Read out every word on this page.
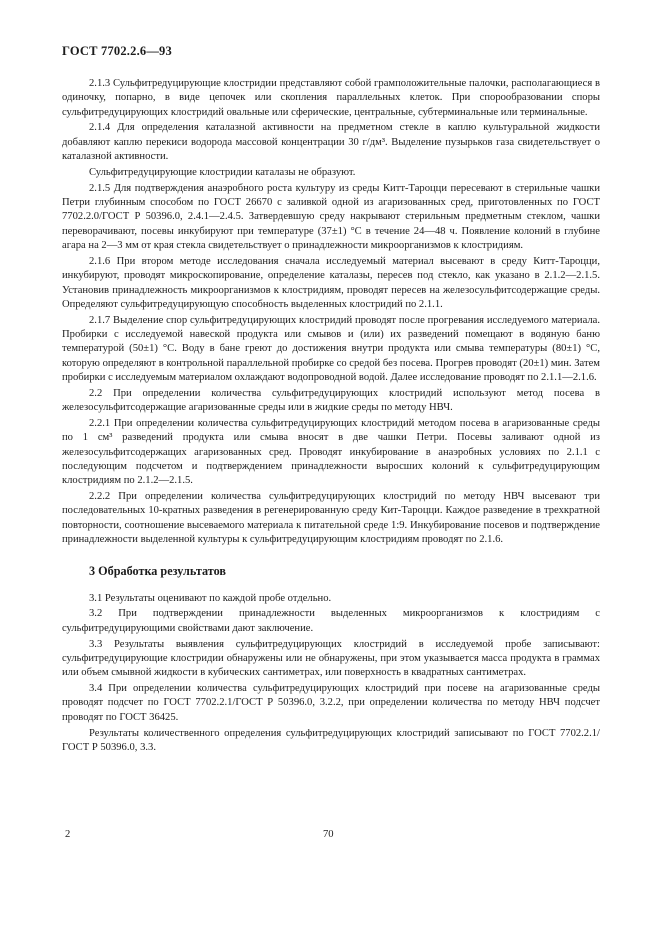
ГОСТ 7702.2.6—93

2.1.3 Сульфитредуцирующие клостридии представляют собой грамположительные палочки, располагающиеся в одиночку, попарно, в виде цепочек или скопления параллельных клеток. При спорообразовании споры сульфитредуцирующих клостридий овальные или сферические, центральные, субтерминальные или терминальные.

2.1.4 Для определения каталазной активности на предметном стекле в каплю культуральной жидкости добавляют каплю перекиси водорода массовой концентрации 30 г/дм³. Выделение пузырьков газа свидетельствует о каталазной активности.

Сульфитредуцирующие клостридии каталазы не образуют.

2.1.5 Для подтверждения анаэробного роста культуру из среды Китт-Тароцци пересевают в стерильные чашки Петри глубинным способом по ГОСТ 26670 с заливкой одной из агаризованных сред, приготовленных по ГОСТ 7702.2.0/ГОСТ Р 50396.0, 2.4.1—2.4.5. Затвердевшую среду накрывают стерильным предметным стеклом, чашки переворачивают, посевы инкубируют при температуре (37±1) °С в течение 24—48 ч. Появление колоний в глубине агара на 2—3 мм от края стекла свидетельствует о принадлежности микроорганизмов к клостридиям.

2.1.6 При втором методе исследования сначала исследуемый материал высевают в среду Китт-Тароцци, инкубируют, проводят микроскопирование, определение каталазы, пересев под стекло, как указано в 2.1.2—2.1.5. Установив принадлежность микроорганизмов к клостридиям, проводят пересев на железосульфитсодержащие среды. Определяют сульфитредуцирующую способность выделенных клостридий по 2.1.1.

2.1.7 Выделение спор сульфитредуцирующих клостридий проводят после прогревания исследуемого материала. Пробирки с исследуемой навеской продукта или смывов и (или) их разведений помещают в водяную баню температурой (50±1) °С. Воду в бане греют до достижения внутри продукта или смыва температуры (80±1) °С, которую определяют в контрольной параллельной пробирке со средой без посева. Прогрев проводят (20±1) мин. Затем пробирки с исследуемым материалом охлаждают водопроводной водой. Далее исследование проводят по 2.1.1—2.1.6.

2.2 При определении количества сульфитредуцирующих клостридий используют метод посева в железосульфитсодержащие агаризованные среды или в жидкие среды по методу НВЧ.

2.2.1 При определении количества сульфитредуцирующих клостридий методом посева в агаризованные среды по 1 см³ разведений продукта или смыва вносят в две чашки Петри. Посевы заливают одной из железосульфитсодержащих агаризованных сред. Проводят инкубирование в анаэробных условиях по 2.1.1 с последующим подсчетом и подтверждением принадлежности выросших колоний к сульфитредуцирующим клостридиям по 2.1.2—2.1.5.

2.2.2 При определении количества сульфитредуцирующих клостридий по методу НВЧ высевают три последовательных 10-кратных разведения в регенерированную среду Кит-Тароцци. Каждое разведение в трехкратной повторности, соотношение высеваемого материала к питательной среде 1:9. Инкубирование посевов и подтверждение принадлежности выделенной культуры к сульфитредуцирующим клостридиям проводят по 2.1.6.

3 Обработка результатов

3.1 Результаты оценивают по каждой пробе отдельно.

3.2 При подтверждении принадлежности выделенных микроорганизмов к клостридиям с сульфитредуцирующими свойствами дают заключение.

3.3 Результаты выявления сульфитредуцирующих клостридий в исследуемой пробе записывают: сульфитредуцирующие клостридии обнаружены или не обнаружены, при этом указывается масса продукта в граммах или объем смывной жидкости в кубических сантиметрах, или поверхность в квадратных сантиметрах.

3.4 При определении количества сульфитредуцирующих клостридий при посеве на агаризованные среды проводят подсчет по ГОСТ 7702.2.1/ГОСТ Р 50396.0, 3.2.2, при определении количества по методу НВЧ подсчет проводят по ГОСТ 36425.

Результаты количественного определения сульфитредуцирующих клостридий записывают по ГОСТ 7702.2.1/ГОСТ Р 50396.0, 3.3.

2	70
